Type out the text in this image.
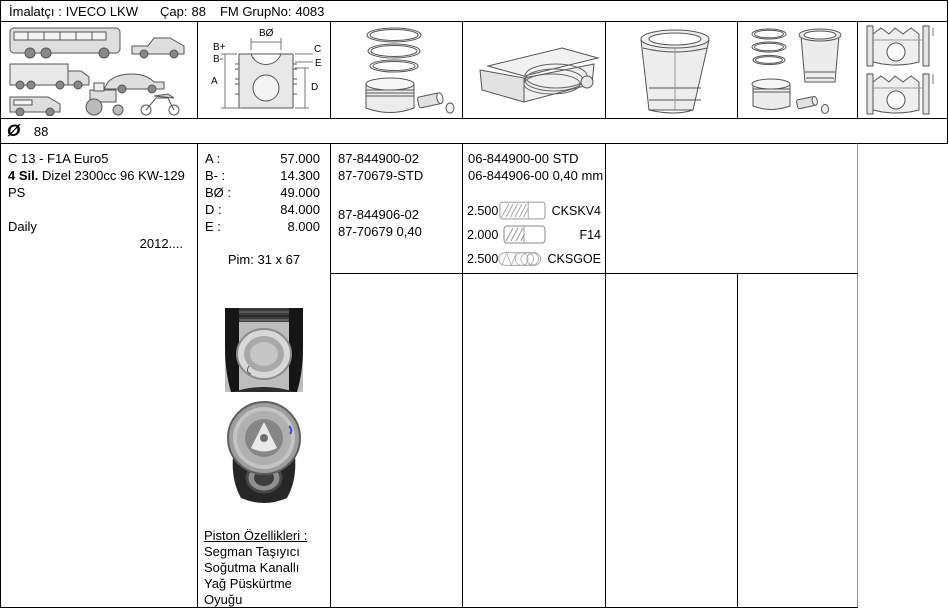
İmalatçı : IVECO LKW Çap: 88 FM GrupNo: 4083
BØ
B+
B-
A
C
E
D
Ø 88
C 13 - F1A Euro5
4 Sil. Dizel 2300cc 96 KW-129 PS
Daily
2012....
A :	57.000
B- :	14.300
BØ :	49.000
D :	84.000
E :	8.000
Pim: 31 x 67
Piston Özellikleri :
Segman Taşıyıcı
Soğutma Kanallı
Yağ Püskürtme Oyuğu
87-844900-02
87-70679-STD
87-844906-02
87-70679 0,40
06-844900-00 STD
06-844906-00 0,40 mm
2.500	CKS KV4
2.000	F14
2.500	CKS GOE
